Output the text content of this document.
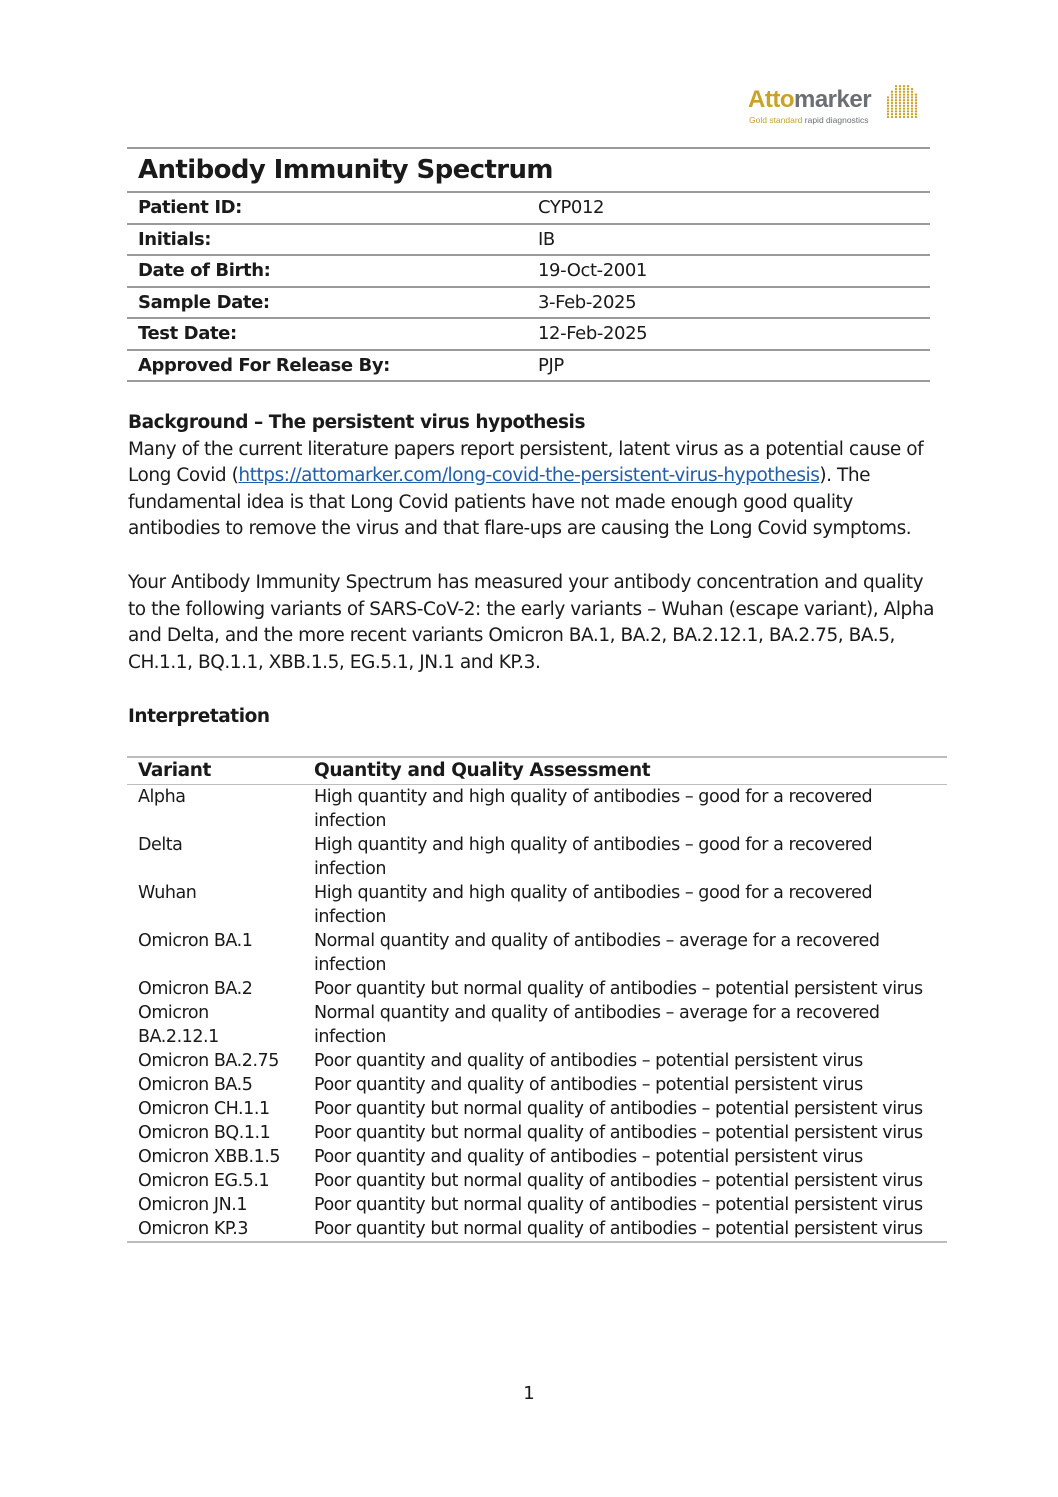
Attomarker
Gold standard rapid diagnostics
Antibody Immunity Spectrum	
Patient ID:	CYP012
Initials:	IB
Date of Birth:	19-Oct-2001
Sample Date:	3-Feb-2025
Test Date:	12-Feb-2025
Approved For Release By:	PJP
Background – The persistent virus hypothesis

Many of the current literature papers report persistent, latent virus as a potential cause of Long Covid (https://attomarker.com/long-covid-the-persistent-virus-hypothesis). The fundamental idea is that Long Covid patients have not made enough good quality antibodies to remove the virus and that flare-ups are causing the Long Covid symptoms.

Your Antibody Immunity Spectrum has measured your antibody concentration and quality to the following variants of SARS-CoV-2: the early variants – Wuhan (escape variant), Alpha and Delta, and the more recent variants Omicron BA.1, BA.2, BA.2.12.1, BA.2.75, BA.5, CH.1.1, BQ.1.1, XBB.1.5, EG.5.1, JN.1 and KP.3.

Interpretation
Variant	Quantity and Quality Assessment
Alpha	High quantity and high quality of antibodies – good for a recovered infection
Delta	High quantity and high quality of antibodies – good for a recovered infection
Wuhan	High quantity and high quality of antibodies – good for a recovered infection
Omicron BA.1	Normal quantity and quality of antibodies – average for a recovered infection
Omicron BA.2	Poor quantity but normal quality of antibodies – potential persistent virus
Omicron BA.2.12.1	Normal quantity and quality of antibodies – average for a recovered infection
Omicron BA.2.75	Poor quantity and quality of antibodies – potential persistent virus
Omicron BA.5	Poor quantity and quality of antibodies – potential persistent virus
Omicron CH.1.1	Poor quantity but normal quality of antibodies – potential persistent virus
Omicron BQ.1.1	Poor quantity but normal quality of antibodies – potential persistent virus
Omicron XBB.1.5	Poor quantity and quality of antibodies – potential persistent virus
Omicron EG.5.1	Poor quantity but normal quality of antibodies – potential persistent virus
Omicron JN.1	Poor quantity but normal quality of antibodies – potential persistent virus
Omicron KP.3	Poor quantity but normal quality of antibodies – potential persistent virus
1
